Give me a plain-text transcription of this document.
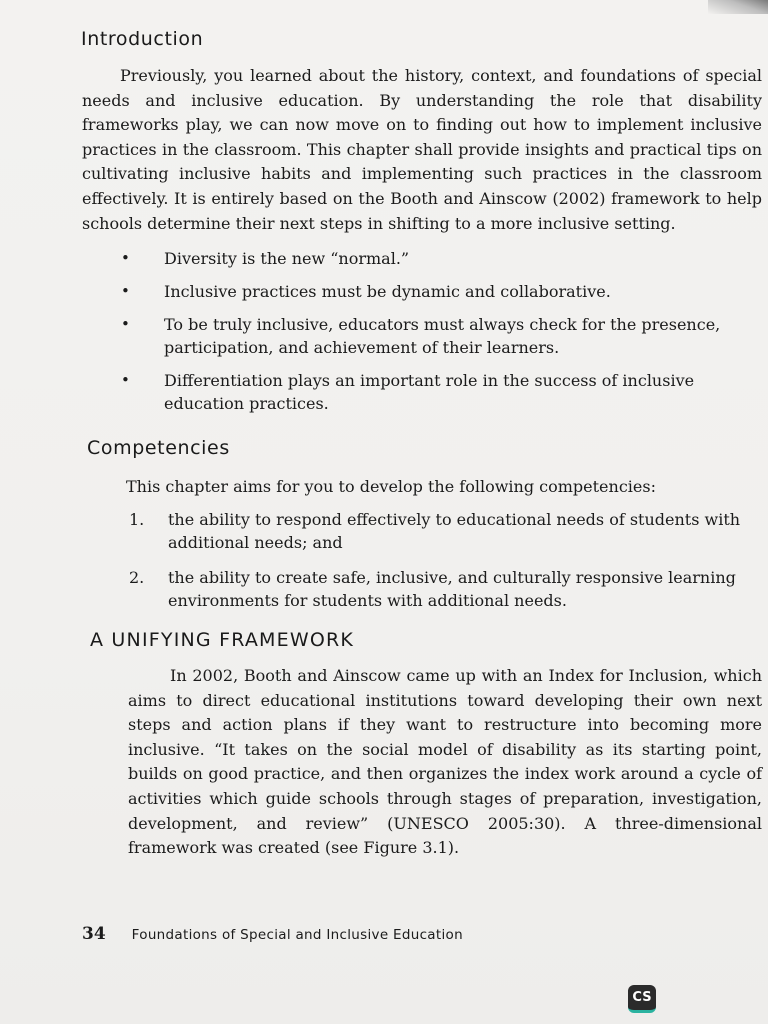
Introduction

Previously, you learned about the history, context, and foundations of special needs and inclusive education. By understanding the role that disability frameworks play, we can now move on to finding out how to implement inclusive practices in the classroom. This chapter shall provide insights and practical tips on cultivating inclusive habits and implementing such practices in the classroom effectively. It is entirely based on the Booth and Ainscow (2002) framework to help schools determine their next steps in shifting to a more inclusive setting.

• Diversity is the new “normal.”
• Inclusive practices must be dynamic and collaborative.
• To be truly inclusive, educators must always check for the presence, participation, and achievement of their learners.
• Differentiation plays an important role in the success of inclusive education practices.
Competencies

This chapter aims for you to develop the following competencies:

1. the ability to respond effectively to educational needs of students with additional needs; and
2. the ability to create safe, inclusive, and culturally responsive learning environments for students with additional needs.
A UNIFYING FRAMEWORK

In 2002, Booth and Ainscow came up with an Index for Inclusion, which aims to direct educational institutions toward developing their own next steps and action plans if they want to restructure into becoming more inclusive. “It takes on the social model of disability as its starting point, builds on good practice, and then organizes the index work around a cycle of activities which guide schools through stages of preparation, investigation, development, and review” (UNESCO 2005:30). A three-dimensional framework was created (see Figure 3.1).

34 Foundations of Special and Inclusive Education
CS
